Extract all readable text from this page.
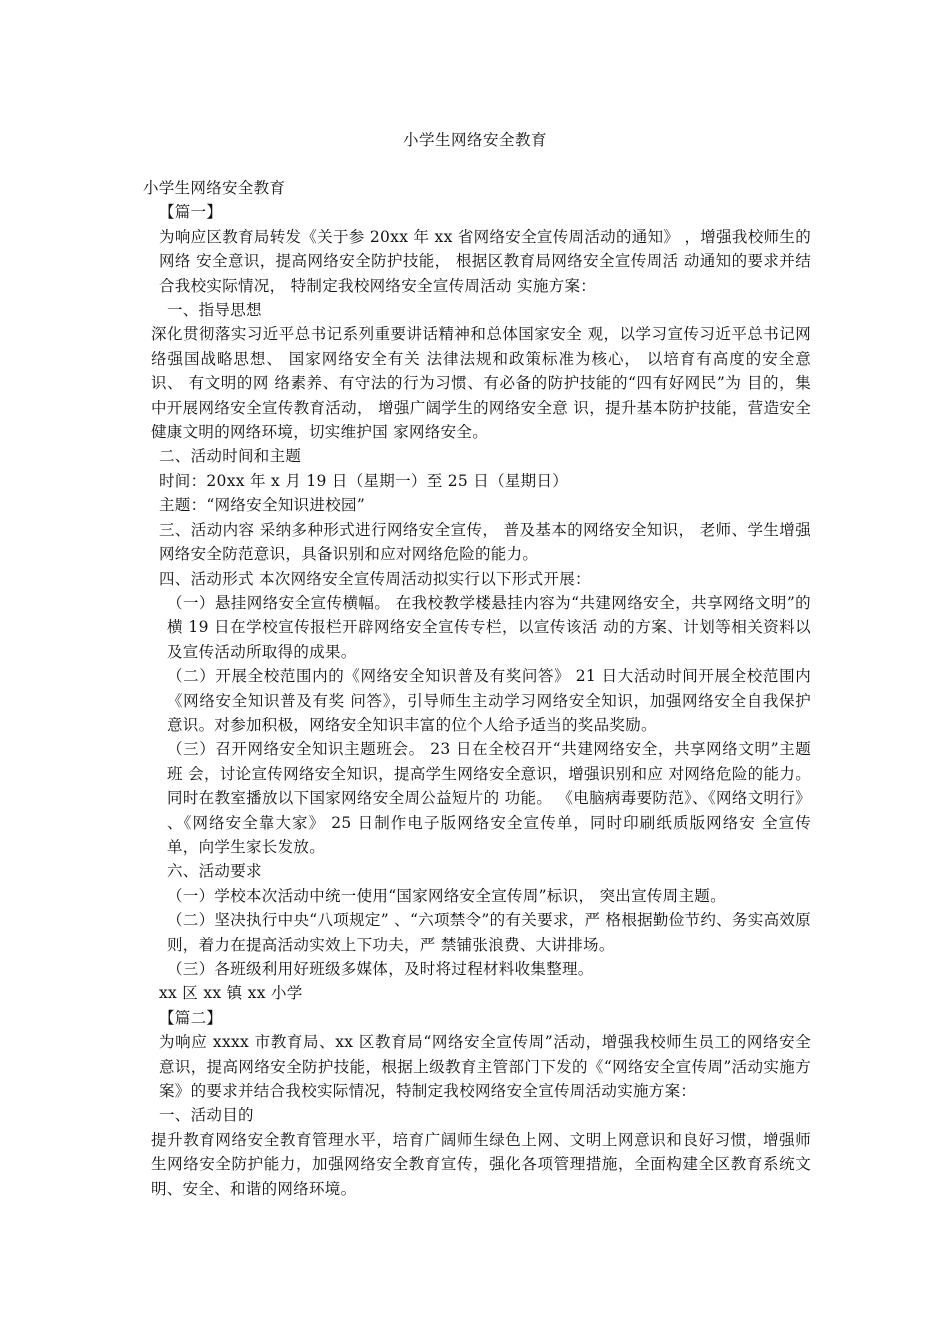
小学生网络安全教育

小学生网络安全教育

【篇一】

为响应区教育局转发《关于参 20xx 年 xx 省网络安全宣传周活动的通知》 ，增强我校师生的网络 安全意识，提高网络安全防护技能， 根据区教育局网络安全宣传周活 动通知的要求并结合我校实际情况， 特制定我校网络安全宣传周活动 实施方案：

一、指导思想

深化贯彻落实习近平总书记系列重要讲话精神和总体国家安全 观，以学习宣传习近平总书记网络强国战略思想、 国家网络安全有关 法律法规和政策标准为核心， 以培育有高度的安全意识、 有文明的网 络素养、有守法的行为习惯、有必备的防护技能的“四有好网民”为 目的，集中开展网络安全宣传教育活动， 增强广阔学生的网络安全意 识，提升基本防护技能，营造安全健康文明的网络环境，切实维护国 家网络安全。

二、活动时间和主题

时间：20xx 年 x 月 19 日（星期一）至 25 日（星期日）

主题：“网络安全知识进校园”

三、活动内容 采纳多种形式进行网络安全宣传， 普及基本的网络安全知识， 老师、学生增强网络安全防范意识，具备识别和应对网络危险的能力。

四、活动形式 本次网络安全宣传周活动拟实行以下形式开展：

（一）悬挂网络安全宣传横幅。 在我校教学楼悬挂内容为“共建网络安全，共享网络文明”的横 19 日在学校宣传报栏开辟网络安全宣传专栏，以宣传该活 动的方案、计划等相关资料以及宣传活动所取得的成果。

（二）开展全校范围内的《网络安全知识普及有奖问答》 21 日大活动时间开展全校范围内《网络安全知识普及有奖 问答》，引导师生主动学习网络安全知识，加强网络安全自我保护意识。对参加积极，网络安全知识丰富的位个人给予适当的奖品奖励。

（三）召开网络安全知识主题班会。 23 日在全校召开“共建网络安全，共享网络文明”主题班 会，讨论宣传网络安全知识，提高学生网络安全意识，增强识别和应 对网络危险的能力。同时在教室播放以下国家网络安全周公益短片的 功能。 《电脑病毒要防范》、《网络文明行》 、《网络安全靠大家》 25 日制作电子版网络安全宣传单，同时印刷纸质版网络安 全宣传单，向学生家长发放。

六、活动要求

（一）学校本次活动中统一使用“国家网络安全宣传周”标识， 突出宣传周主题。

（二）坚决执行中央“八项规定” 、“六项禁令”的有关要求，严 格根据勤俭节约、务实高效原则，着力在提高活动实效上下功夫，严 禁铺张浪费、大讲排场。

（三）各班级利用好班级多媒体，及时将过程材料收集整理。

xx 区 xx 镇 xx 小学

【篇二】

为响应 xxxx 市教育局、xx 区教育局“网络安全宣传周”活动，增强我校师生员工的网络安全意识，提高网络安全防护技能，根据上级教育主管部门下发的《“网络安全宣传周”活动实施方案》的要求并结合我校实际情况，特制定我校网络安全宣传周活动实施方案：

一、活动目的

提升教育网络安全教育管理水平，培育广阔师生绿色上网、文明上网意识和良好习惯，增强师生网络安全防护能力，加强网络安全教育宣传，强化各项管理措施，全面构建全区教育系统文明、安全、和谐的网络环境。
